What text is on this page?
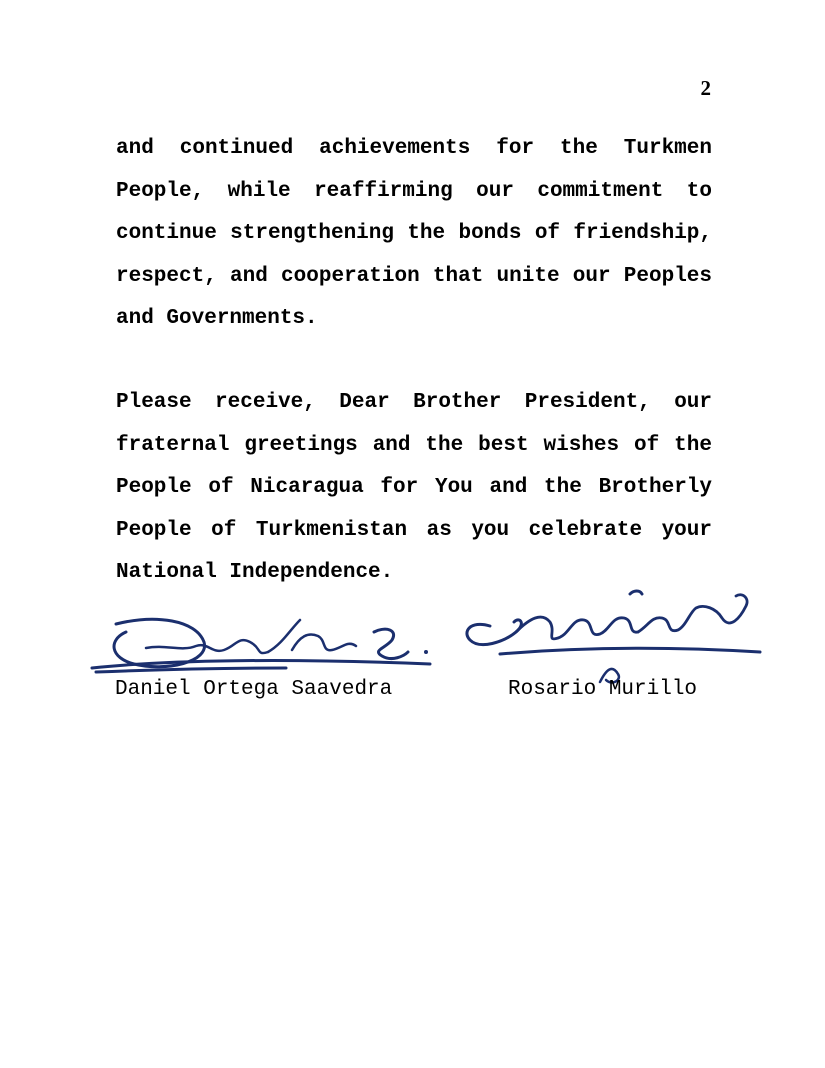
2

and continued achievements for the Turkmen People, while reaffirming our commitment to continue strengthening the bonds of friendship, respect, and cooperation that unite our Peoples and Governments.

Please receive, Dear Brother President, our fraternal greetings and the best wishes of the People of Nicaragua for You and the Brotherly People of Turkmenistan as you celebrate your National Independence.

Daniel Ortega Saavedra	Rosario Murillo
